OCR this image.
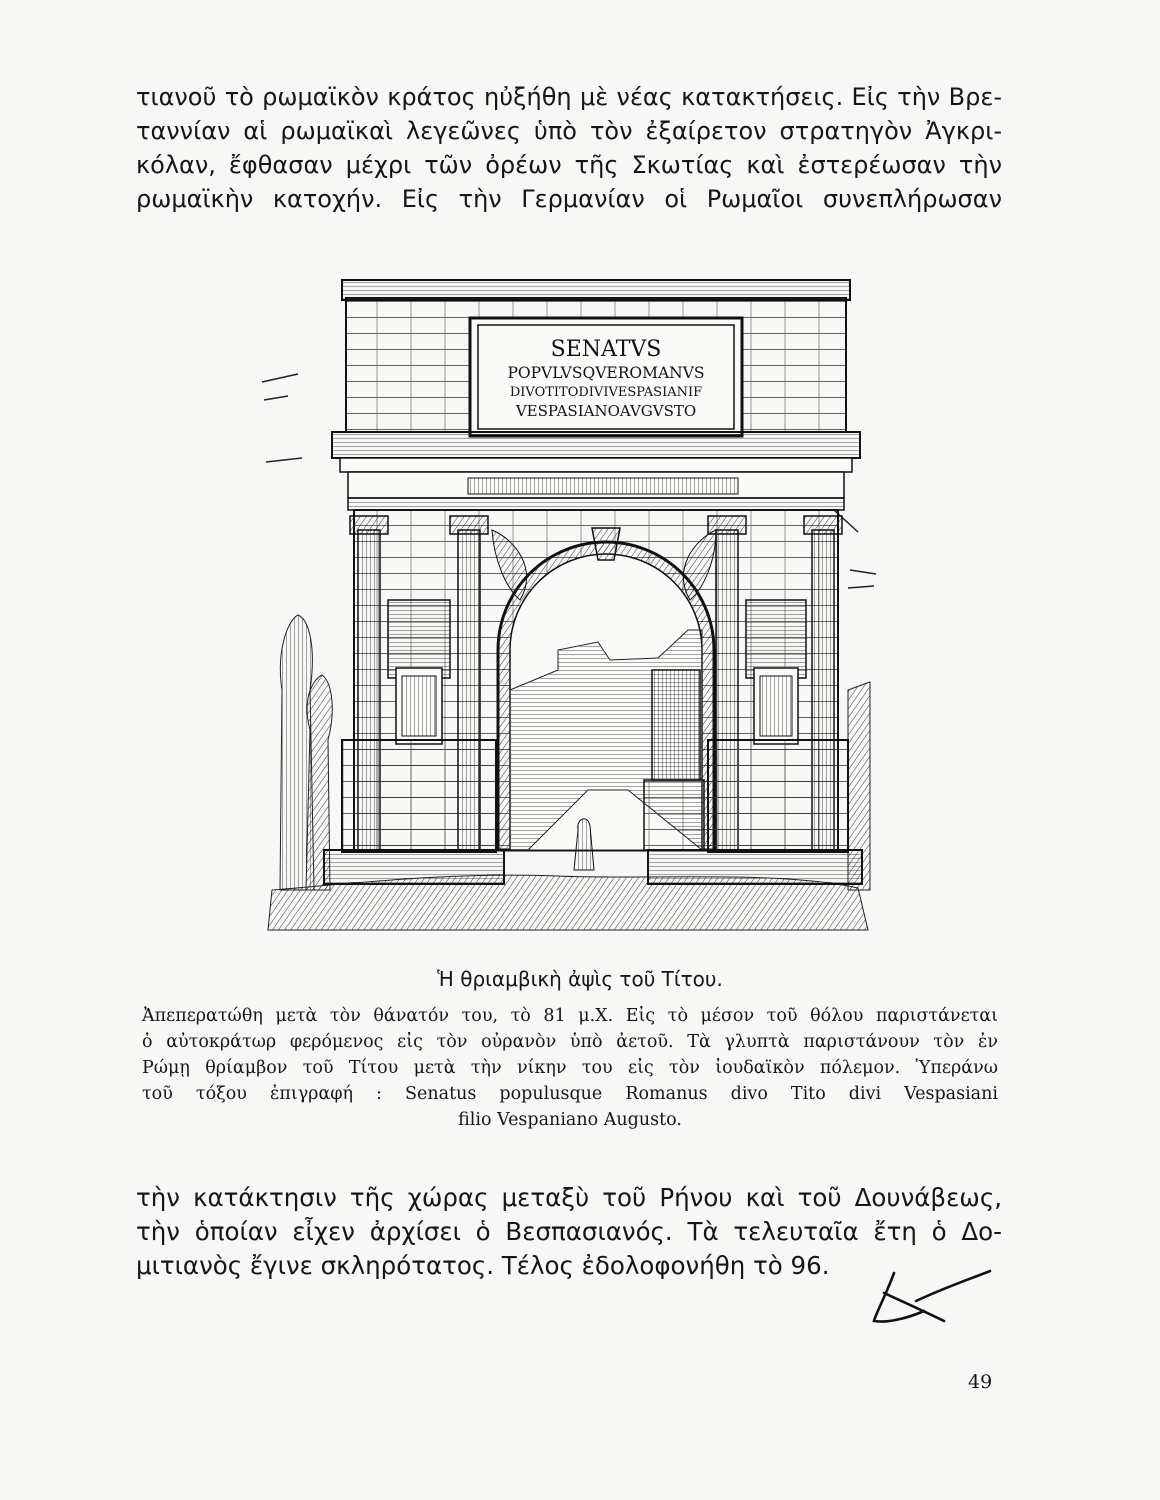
τιανοῦ τὸ ρωμαϊκὸν κράτος ηὐξήθη μὲ νέας κατακτήσεις. Εἰς τὴν Βρε-
ταννίαν αἱ ρωμαϊκαὶ λεγεῶνες ὑπὸ τὸν ἐξαίρετον στρατηγὸν Ἀγκρι-
κόλαν, ἔφθασαν μέχρι τῶν ὀρέων τῆς Σκωτίας καὶ ἐστερέωσαν τὴν
ρωμαϊκὴν κατοχήν. Εἰς τὴν Γερμανίαν οἱ Ρωμαῖοι συνεπλήρωσαν
SENATVS
POPVLVSQVEROMANVS
DIVOTITODIVIVESPASIANIF
VESPASIANOAVGVSTO
Ἡ θριαμβικὴ ἀψὶς τοῦ Τίτου.
Ἀπεπερατώθη μετὰ τὸν θάνατόν του, τὸ 81 μ.Χ. Εἰς τὸ μέσον τοῦ θόλου παριστάνεται
ὁ αὐτοκράτωρ φερόμενος εἰς τὸν οὐρανὸν ὑπὸ ἀετοῦ. Τὰ γλυπτὰ παριστάνουν τὸν ἐν
Ρώμῃ θρίαμβον τοῦ Τίτου μετὰ τὴν νίκην του εἰς τὸν ἰουδαϊκὸν πόλεμον. Ὑπεράνω
τοῦ τόξου ἐπιγραφή : Senatus populusque Romanus divo Tito divi Vespasiani
filio Vespaniano Augusto.
τὴν κατάκτησιν τῆς χώρας μεταξὺ τοῦ Ρήνου καὶ τοῦ Δουνάβεως,
τὴν ὁποίαν εἶχεν ἀρχίσει ὁ Βεσπασιανός. Τὰ τελευταῖα ἔτη ὁ Δο-
μιτιανὸς ἔγινε σκληρότατος. Τέλος ἐδολοφονήθη τὸ 96.
49
